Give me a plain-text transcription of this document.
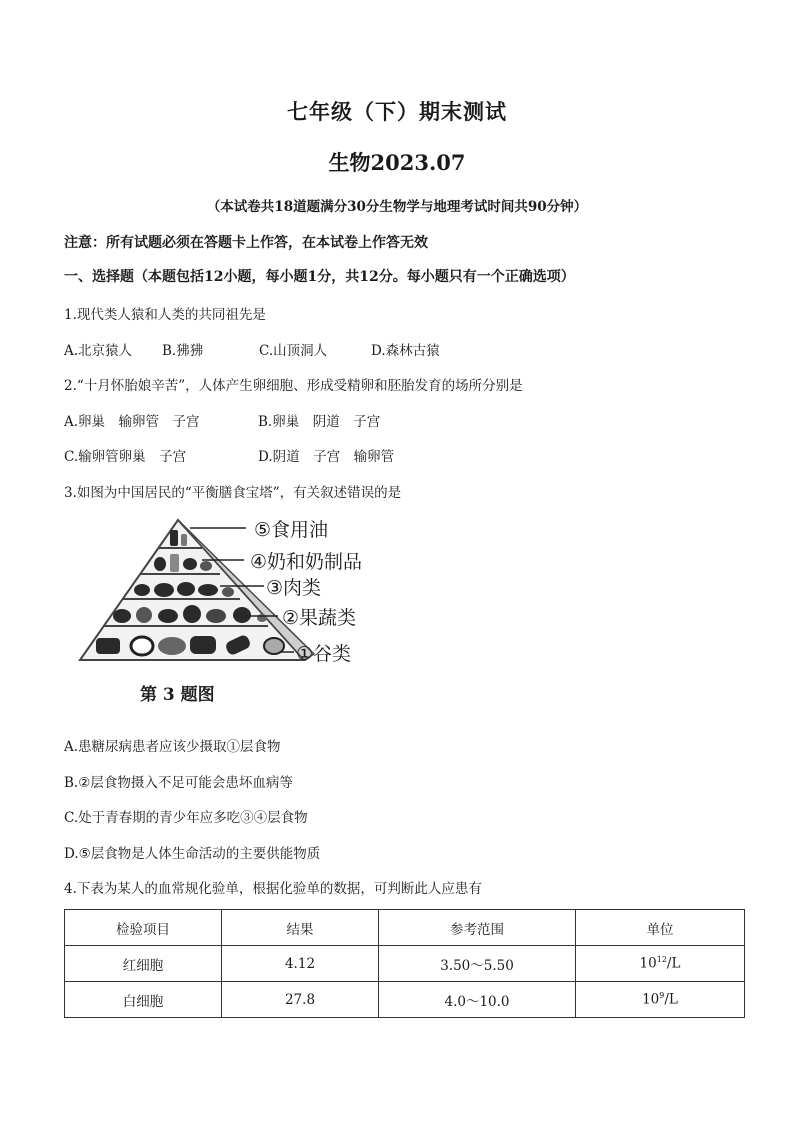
七年级（下）期末测试
生物2023.07
（本试卷共18道题满分30分生物学与地理考试时间共90分钟）
注意：所有试题必须在答题卡上作答，在本试卷上作答无效
一、选择题（本题包括12小题，每小题1分，共12分。每小题只有一个正确选项）
1.现代类人猿和人类的共同祖先是
A.北京猿人 B.狒狒	C.山顶洞人	D.森林古猿
2.“十月怀胎娘辛苦”，人体产生卵细胞、形成受精卵和胚胎发育的场所分别是
A.卵巢　输卵管　子宫	B.卵巢　阴道　子宫
C.输卵管卵巢　子宫	D.阴道　子宫　输卵管
3.如图为中国居民的“平衡膳食宝塔”，有关叙述错误的是
⑤食用油
④奶和奶制品
③肉类
②果蔬类
①谷类
第 3 题图
A.患糖尿病患者应该少摄取①层食物
B.②层食物摄入不足可能会患坏血病等
C.处于青春期的青少年应多吃③④层食物
D.⑤层食物是人体生命活动的主要供能物质
4.下表为某人的血常规化验单，根据化验单的数据，可判断此人应患有
检验项目	结果	参考范围	单位
红细胞	4.12	3.50～5.50	$10^{12}/L$
白细胞	27.8	4.0～10.0	$10^9/L$
